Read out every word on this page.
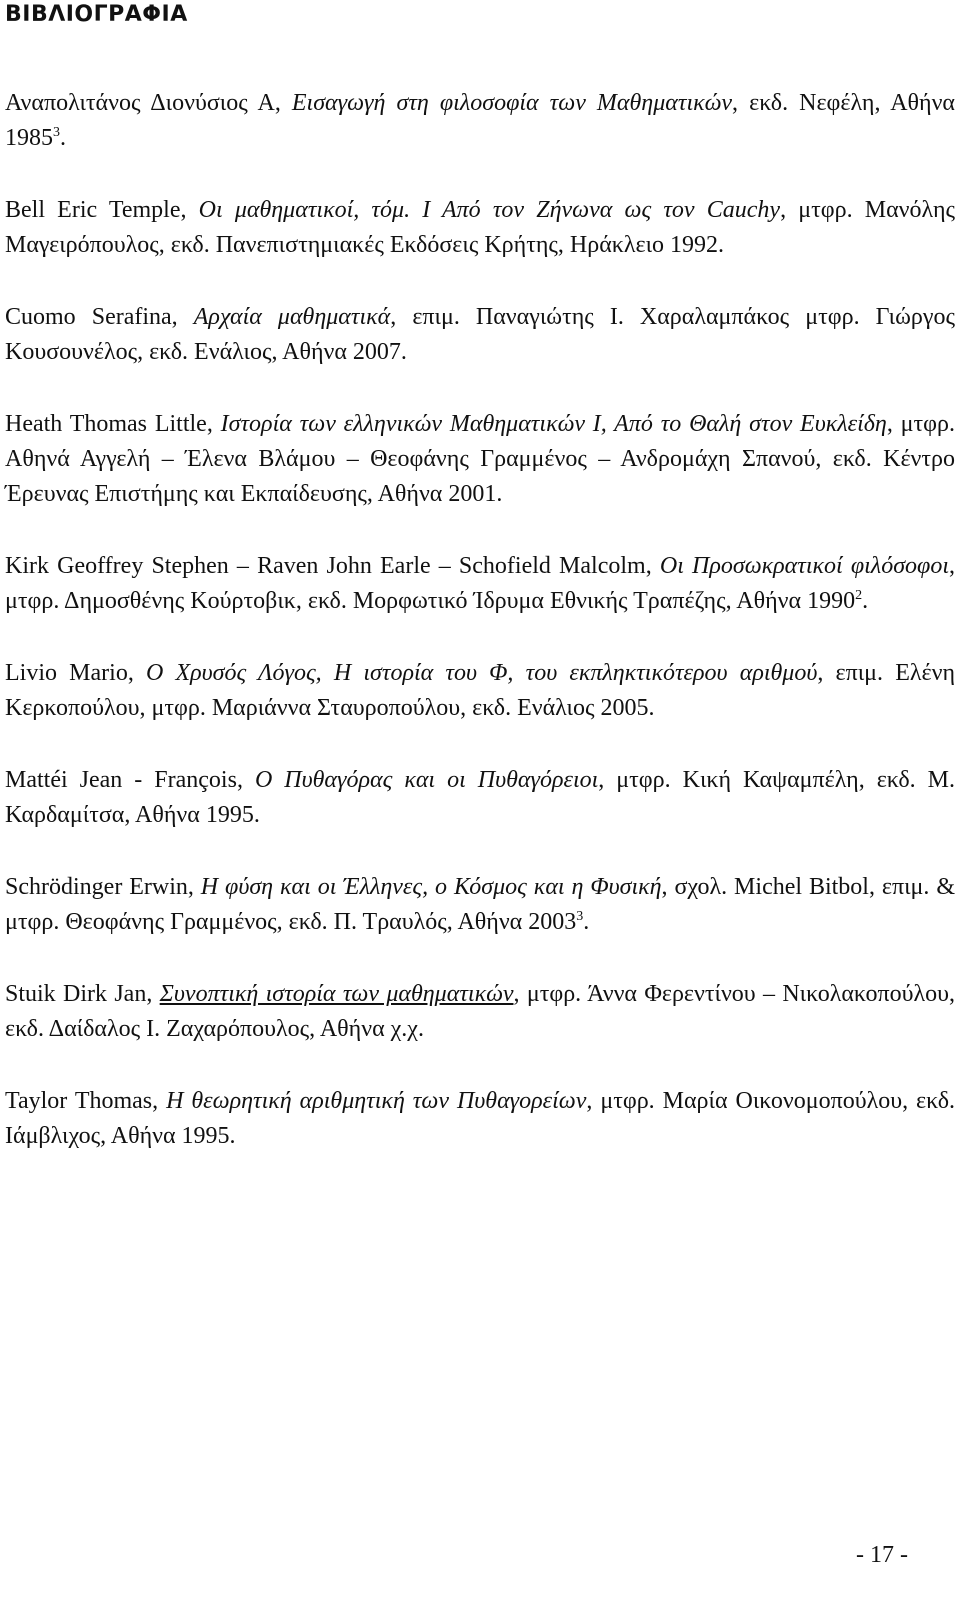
ΒΙΒΛΙΟΓΡΑΦΙΑ
Αναπολιτάνος Διονύσιος Α, Εισαγωγή στη φιλοσοφία των Μαθηματικών, εκδ. Νεφέλη, Αθήνα 1985$^3$.
Bell Eric Temple, Οι μαθηματικοί, τόμ. Ι Από τον Ζήνωνα ως τον Cauchy, μτφρ. Μανόλης Μαγειρόπουλος, εκδ. Πανεπιστημιακές Εκδόσεις Κρήτης, Ηράκλειο 1992.
Cuomo Serafina, Αρχαία μαθηματικά, επιμ. Παναγιώτης Ι. Χαραλαμπάκος μτφρ. Γιώργος Κουσουνέλος, εκδ. Ενάλιος, Αθήνα 2007.
Heath Thomas Little, Ιστορία των ελληνικών Μαθηματικών Ι, Από το Θαλή στον Ευκλείδη, μτφρ. Αθηνά Αγγελή – Έλενα Βλάμου – Θεοφάνης Γραμμένος – Ανδρομάχη Σπανού, εκδ. Κέντρο Έρευνας Επιστήμης και Εκπαίδευσης, Αθήνα 2001.
Kirk Geoffrey Stephen – Raven John Earle – Schofield Malcolm, Οι Προσωκρατικοί φιλόσοφοι, μτφρ. Δημοσθένης Κούρτοβικ, εκδ. Μορφωτικό Ίδρυμα Εθνικής Τραπέζης, Αθήνα 1990$^2$.
Livio Mario, Ο Χρυσός Λόγος, Η ιστορία του Φ, του εκπληκτικότερου αριθμού, επιμ. Ελένη Κερκοπούλου, μτφρ. Μαριάννα Σταυροπούλου, εκδ. Ενάλιος 2005.
Mattéi Jean - François, Ο Πυθαγόρας και οι Πυθαγόρειοι, μτφρ. Κική Καψαμπέλη, εκδ. Μ. Καρδαμίτσα, Αθήνα 1995.
Schrödinger Erwin, Η φύση και οι Έλληνες, ο Κόσμος και η Φυσική, σχολ. Michel Bitbol, επιμ. & μτφρ. Θεοφάνης Γραμμένος, εκδ. Π. Τραυλός, Αθήνα 2003$^3$.
Stuik Dirk Jan, Συνοπτική ιστορία των μαθηματικών, μτφρ. Άννα Φερεντίνου – Νικολακοπούλου, εκδ. Δαίδαλος Ι. Ζαχαρόπουλος, Αθήνα χ.χ.
Taylor Thomas, Η θεωρητική αριθμητική των Πυθαγορείων, μτφρ. Μαρία Οικονομοπούλου, εκδ. Ιάμβλιχος, Αθήνα 1995.
- 17 -
